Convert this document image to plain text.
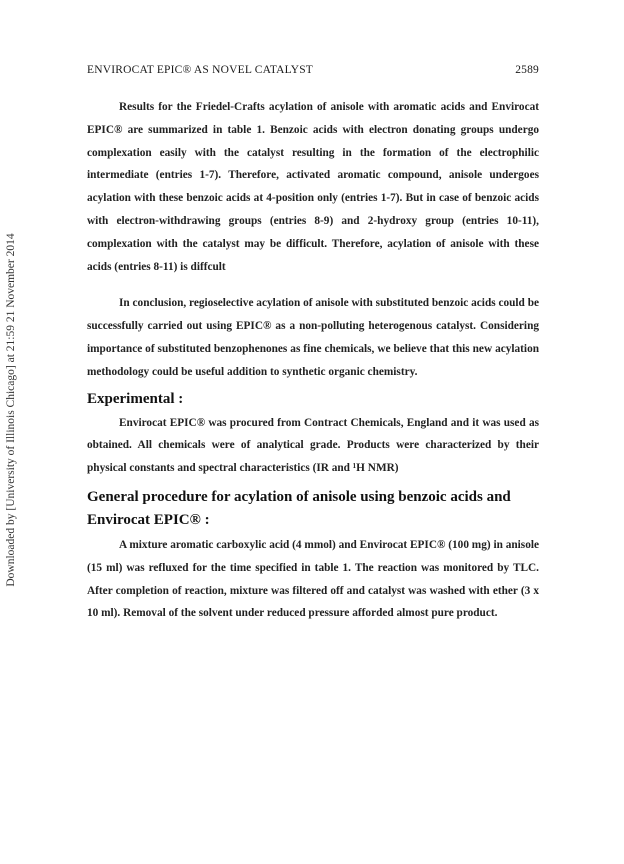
Downloaded by [University of Illinois Chicago] at 21:59 21 November 2014
ENVIROCAT EPIC® AS NOVEL CATALYST	2589

Results for the Friedel-Crafts acylation of anisole with aromatic acids and Envirocat EPIC® are summarized in table 1. Benzoic acids with electron donating groups undergo complexation easily with the catalyst resulting in the formation of the electrophilic intermediate (entries 1-7). Therefore, activated aromatic compound, anisole undergoes acylation with these benzoic acids at 4-position only (entries 1-7). But in case of benzoic acids with electron-withdrawing groups (entries 8-9) and 2-hydroxy group (entries 10-11), complexation with the catalyst may be difficult. Therefore, acylation of anisole with these acids (entries 8-11) is diffcult

In conclusion, regioselective acylation of anisole with substituted benzoic acids could be successfully carried out using EPIC® as a non-polluting heterogenous catalyst. Considering importance of substituted benzophenones as fine chemicals, we believe that this new acylation methodology could be useful addition to synthetic organic chemistry.

Experimental :

Envirocat EPIC® was procured from Contract Chemicals, England and it was used as obtained. All chemicals were of analytical grade. Products were characterized by their physical constants and spectral characteristics (IR and ¹H NMR)

General procedure for acylation of anisole using benzoic acids and Envirocat EPIC® :

A mixture aromatic carboxylic acid (4 mmol) and Envirocat EPIC® (100 mg) in anisole (15 ml) was refluxed for the time specified in table 1. The reaction was monitored by TLC. After completion of reaction, mixture was filtered off and catalyst was washed with ether (3 x 10 ml). Removal of the solvent under reduced pressure afforded almost pure product.
